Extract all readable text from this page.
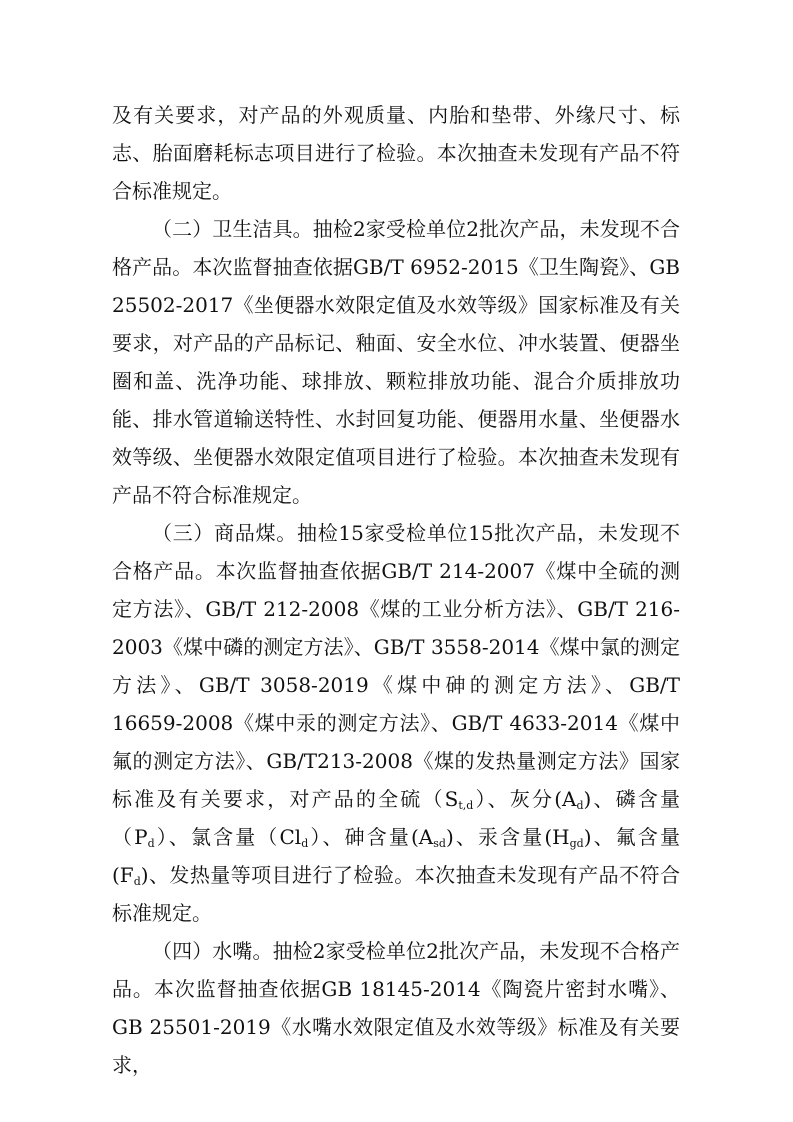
及有关要求，对产品的外观质量、内胎和垫带、外缘尺寸、标志、胎面磨耗标志项目进行了检验。本次抽查未发现有产品不符合标准规定。

（二）卫生洁具。抽检2家受检单位2批次产品，未发现不合格产品。本次监督抽查依据GB/T 6952-2015《卫生陶瓷》、GB 25502-2017《坐便器水效限定值及水效等级》国家标准及有关要求，对产品的产品标记、釉面、安全水位、冲水装置、便器坐圈和盖、洗净功能、球排放、颗粒排放功能、混合介质排放功能、排水管道输送特性、水封回复功能、便器用水量、坐便器水效等级、坐便器水效限定值项目进行了检验。本次抽查未发现有产品不符合标准规定。

（三）商品煤。抽检15家受检单位15批次产品，未发现不合格产品。本次监督抽查依据GB/T 214-2007《煤中全硫的测定方法》、GB/T 212-2008《煤的工业分析方法》、GB/T 216-2003《煤中磷的测定方法》、GB/T 3558-2014《煤中氯的测定方法》、GB/T 3058-2019《煤中砷的测定方法》、GB/T 16659-2008《煤中汞的测定方法》、GB/T 4633-2014《煤中氟的测定方法》、GB/T213-2008《煤的发热量测定方法》国家标准及有关要求，对产品的全硫$(S_{t,d})$、灰分$(A_d)$、磷含量$(P_d)$、氯含量$(Cl_d)$、砷含量$(A_{sd})$、汞含量$(H_{gd})$、氟含量$(F_d)$、发热量等项目进行了检验。本次抽查未发现有产品不符合标准规定。

（四）水嘴。抽检2家受检单位2批次产品，未发现不合格产品。本次监督抽查依据GB 18145-2014《陶瓷片密封水嘴》、GB 25501-2019《水嘴水效限定值及水效等级》标准及有关要求，
